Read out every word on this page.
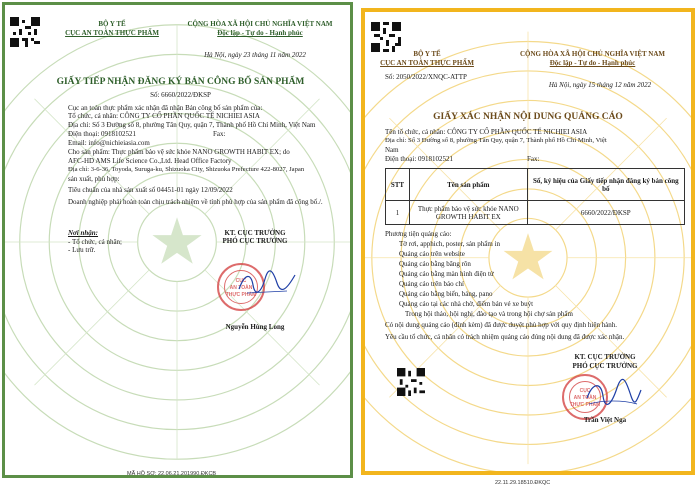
BỘ Y TẾ
CỤC AN TOÀN THỰC PHẨM
CỘNG HÒA XÃ HỘI CHỦ NGHĨA VIỆT NAM
Độc lập - Tự do - Hạnh phúc
Hà Nội, ngày 23 tháng 11 năm 2022
GIẤY TIẾP NHẬN ĐĂNG KÝ BẢN CÔNG BỐ SẢN PHẨM
Số: 6660/2022/ĐKSP
Cục an toàn thực phẩm xác nhận đã nhận Bản công bố sản phẩm của:
Tổ chức, cá nhân: CÔNG TY CỔ PHẦN QUỐC TẾ NICHIEI ASIA
Địa chỉ: Số 3 Đường số 8, phường Tân Quy, quận 7, Thành phố Hồ Chí Minh, Việt Nam
Điện thoại: 0918102521	Fax:
Email: info@nichieiasia.com
Cho sản phẩm: Thực phẩm bảo vệ sức khỏe NANO GROWTH HABIT EX; do
AFC-HD AMS Life Science Co.,Ltd. Head Office Factory
Địa chỉ: 3-6-36, Toyoda, Suruga-ku, Shizuoka City, Shizuoka Prefecture 422-8027, Japan
sản xuất, phù hợp:
Tiêu chuẩn của nhà sản xuất số 04451-01 ngày 12/09/2022
Doanh nghiệp phải hoàn toàn chịu trách nhiệm về tính phù hợp của sản phẩm đã công bố./.
Nơi nhận:
- Tổ chức, cá nhân;
- Lưu trữ.
KT. CỤC TRƯỞNG
PHÓ CỤC TRƯỞNG
CỤC
AN TOÀN
THỰC PHẨM
Nguyễn Hùng Long
MÃ HỒ SƠ: 22.06.21.201990.ĐKCB
BỘ Y TẾ
CỤC AN TOÀN THỰC PHẨM
CỘNG HÒA XÃ HỘI CHỦ NGHĨA VIỆT NAM
Độc lập - Tự do - Hạnh phúc
Số: 2050/2022/XNQC-ATTP
Hà Nội, ngày 15 tháng 12 năm 2022
GIẤY XÁC NHẬN NỘI DUNG QUẢNG CÁO
Tên tổ chức, cá nhân: CÔNG TY CỔ PHẦN QUỐC TẾ NICHIEI ASIA
Địa chỉ: Số 3 Đường số 8, phường Tân Quy, quận 7, Thành phố Hồ Chí Minh, Việt
Nam
Điện thoại: 0918102521	Fax:
STT	Tên sản phẩm	Số, ký hiệu của Giấy tiếp nhận đăng ký bản công bố
1	Thực phẩm bảo vệ sức khỏe NANO GROWTH HABIT EX	6660/2022/ĐKSP
Phương tiện quảng cáo:
Tờ rơi, apphich, poster, sản phẩm in
Quảng cáo trên website
Quảng cáo bằng băng rôn
Quảng cáo bằng màn hình điện tử
Quảng cáo trên báo chí
Quảng cáo bằng biển, bảng, pano
Quảng cáo tại các nhà chờ, điểm bán vé xe buýt
Trong hội thảo, hội nghị, đào tạo và trong hội chợ sản phẩm
Có nội dung quảng cáo (đính kèm) đã được duyệt phù hợp với quy định hiện hành.
Yêu cầu tổ chức, cá nhân có trách nhiệm quảng cáo đúng nội dung đã được xác nhận.
KT. CỤC TRƯỞNG
PHÓ CỤC TRƯỞNG
CỤC
AN TOÀN
THỰC PHẨM
Trần Việt Nga
22.11.29.18510.ĐKQC
